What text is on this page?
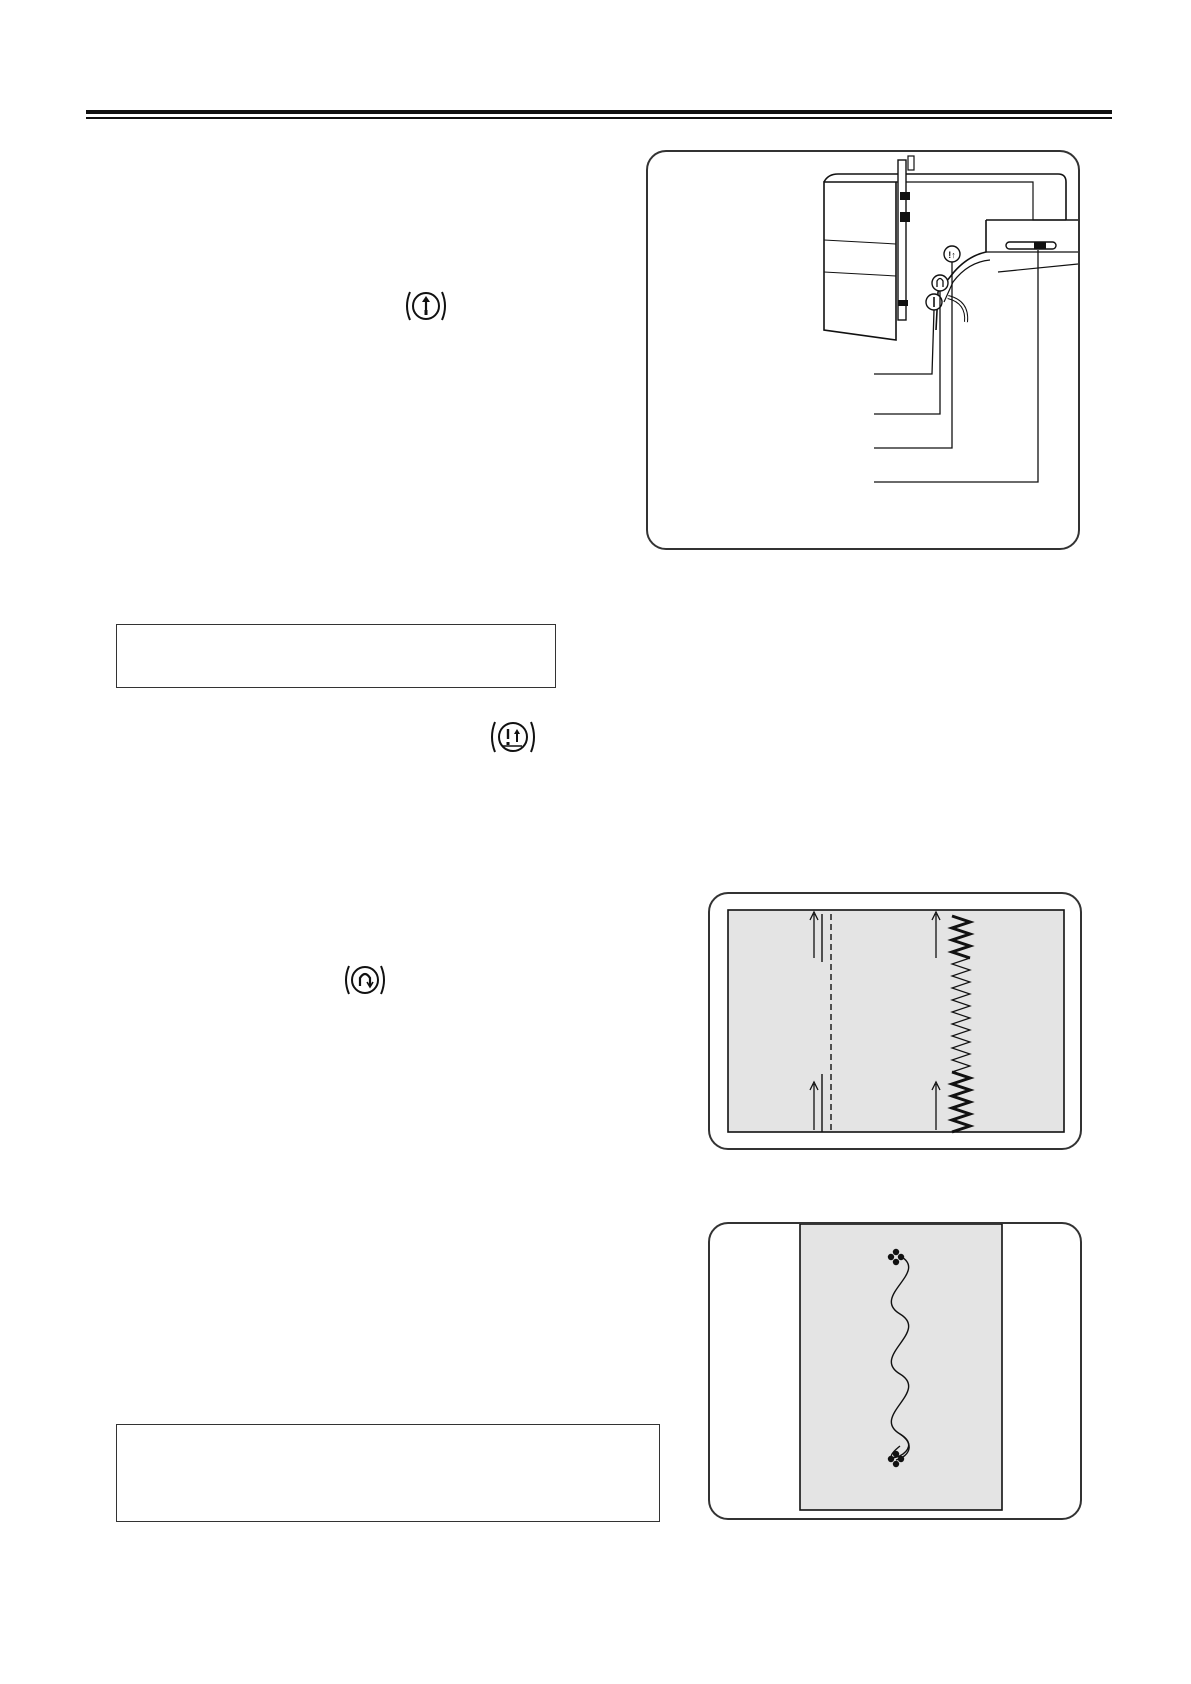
!↑
